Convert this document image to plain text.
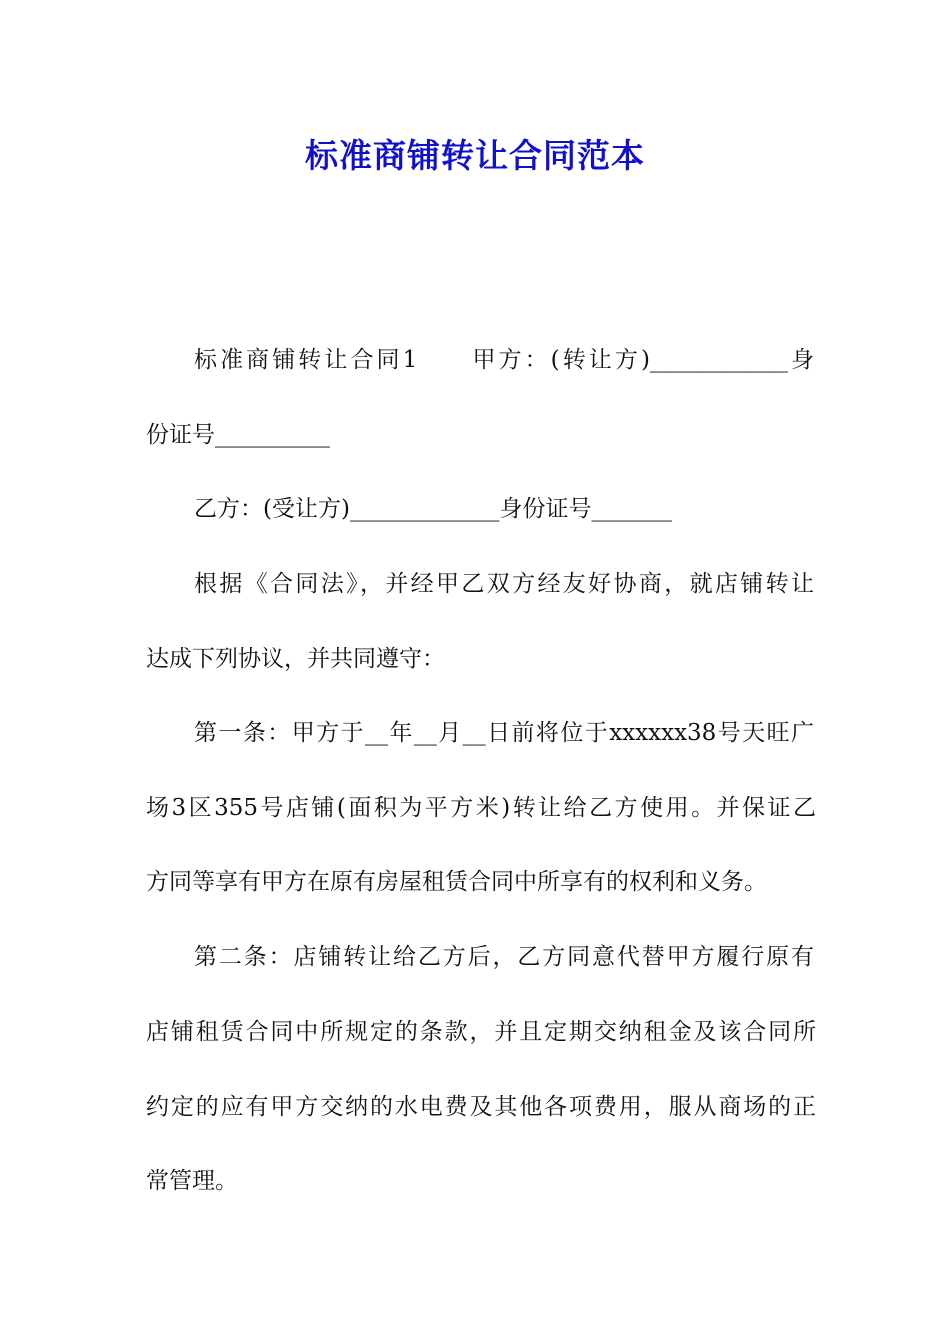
标准商铺转让合同范本

标准商铺转让合同1　　甲方：(转让方)____________身

份证号__________

乙方：(受让方)_____________身份证号_______

根据《合同法》，并经甲乙双方经友好协商，就店铺转让

达成下列协议，并共同遵守：

第一条：甲方于__年__月__日前将位于xxxxxx38号天旺广

场3区355号店铺(面积为平方米)转让给乙方使用。并保证乙

方同等享有甲方在原有房屋租赁合同中所享有的权利和义务。

第二条：店铺转让给乙方后，乙方同意代替甲方履行原有

店铺租赁合同中所规定的条款，并且定期交纳租金及该合同所

约定的应有甲方交纳的水电费及其他各项费用，服从商场的正

常管理。
